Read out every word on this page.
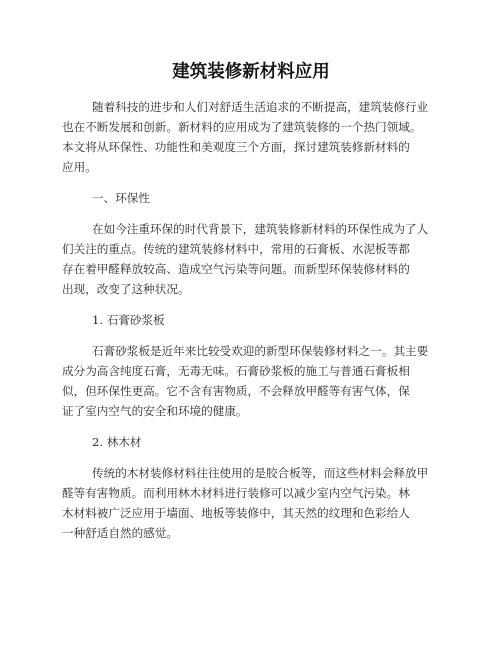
建筑装修新材料应用
随着科技的进步和人们对舒适生活追求的不断提高，建筑装修行业
也在不断发展和创新。新材料的应用成为了建筑装修的一个热门领域。
本文将从环保性、功能性和美观度三个方面，探讨建筑装修新材料的
应用。
一、环保性
在如今注重环保的时代背景下，建筑装修新材料的环保性成为了人
们关注的重点。传统的建筑装修材料中，常用的石膏板、水泥板等都
存在着甲醛释放较高、造成空气污染等问题。而新型环保装修材料的
出现，改变了这种状况。
1. 石膏砂浆板
石膏砂浆板是近年来比较受欢迎的新型环保装修材料之一。其主要
成分为高含纯度石膏，无毒无味。石膏砂浆板的施工与普通石膏板相
似，但环保性更高。它不含有害物质，不会释放甲醛等有害气体，保
证了室内空气的安全和环境的健康。
2. 林木材
传统的木材装修材料往往使用的是胶合板等，而这些材料会释放甲
醛等有害物质。而利用林木材料进行装修可以减少室内空气污染。林
木材料被广泛应用于墙面、地板等装修中，其天然的纹理和色彩给人
一种舒适自然的感觉。
